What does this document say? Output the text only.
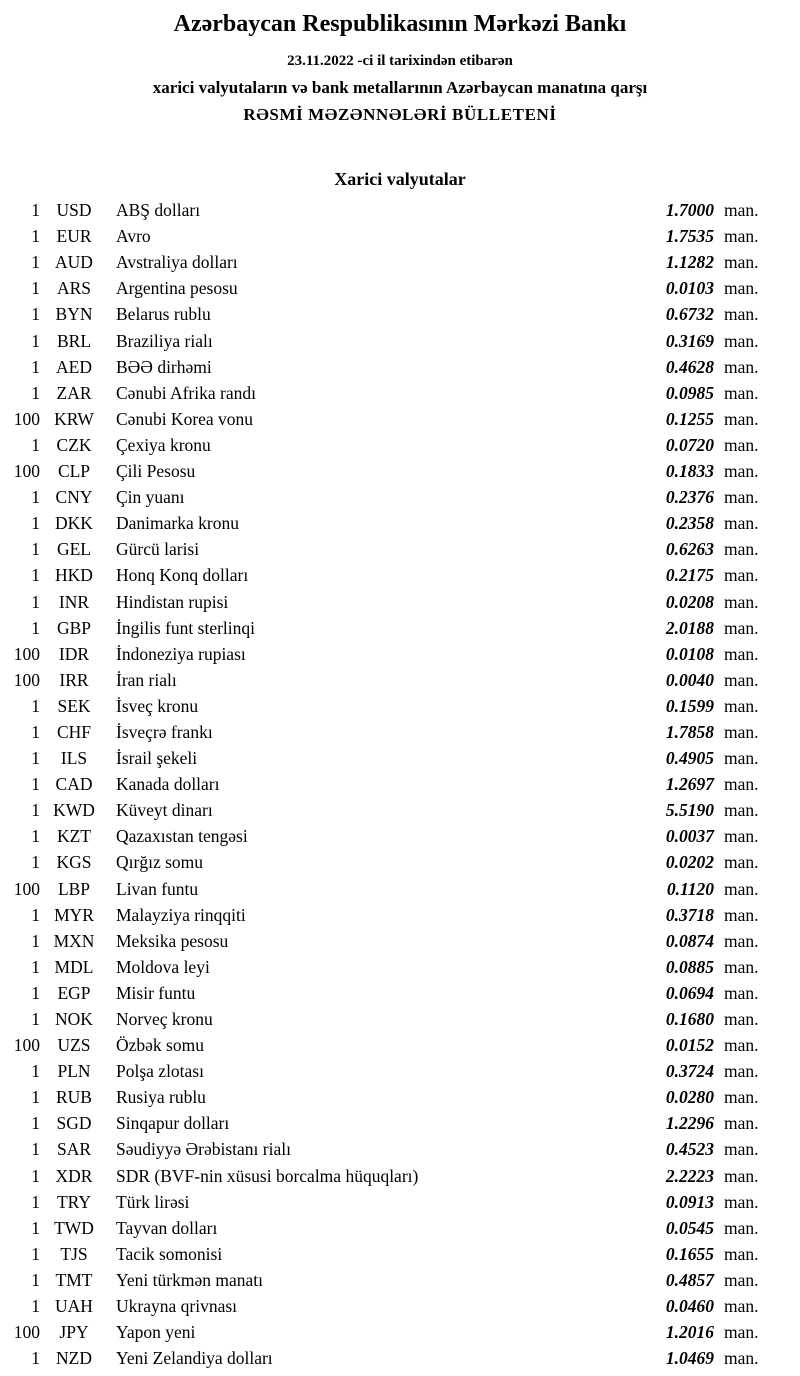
Azərbaycan Respublikasının Mərkəzi Bankı

23.11.2022 -ci il tarixindən etibarən

xarici valyutaların və bank metallarının Azərbaycan manatına qarşı

RƏSMİ MƏZƏNNƏLƏRİ BÜLLETENİ

Xarici valyutalar
1 USD	ABŞ dolları	1.7000 man.
1 EUR	Avro	1.7535 man.
1 AUD	Avstraliya dolları	1.1282 man.
1 ARS	Argentina pesosu	0.0103 man.
1 BYN	Belarus rublu	0.6732 man.
1 BRL	Braziliya rialı	0.3169 man.
1 AED	BƏƏ dirhəmi	0.4628 man.
1 ZAR	Cənubi Afrika randı	0.0985 man.
100 KRW	Cənubi Korea vonu	0.1255 man.
1 CZK	Çexiya kronu	0.0720 man.
100	CLP	Çili Pesosu	0.1833 man.
1 CNY	Çin yuanı	0.2376 man.
1 DKK	Danimarka kronu	0.2358 man.
1 GEL	Gürcü larisi	0.6263 man.
1 HKD	Honq Konq dolları	0.2175 man.
1	INR	Hindistan rupisi	0.0208 man.
1 GBP	İngilis funt sterlinqi	2.0188 man.
100	IDR	İndoneziya rupiası	0.0108 man.
100	IRR	İran rialı	0.0040 man.
1 SEK	İsveç kronu	0.1599 man.
1 CHF	İsveçrə frankı	1.7858 man.
1	ILS	İsrail şekeli	0.4905 man.
1 CAD	Kanada dolları	1.2697 man.
1 KWD	Küveyt dinarı	5.5190 man.
1 KZT	Qazaxıstan tengəsi	0.0037 man.
1 KGS	Qırğız somu	0.0202 man.
100	LBP	Livan funtu	0.1120 man.
1 MYR	Malayziya rinqqiti	0.3718 man.
1 MXN	Meksika pesosu	0.0874 man.
1 MDL	Moldova leyi	0.0885 man.
1 EGP	Misir funtu	0.0694 man.
1 NOK	Norveç kronu	0.1680 man.
100 UZS	Özbək somu	0.0152 man.
1 PLN	Polşa zlotası	0.3724 man.
1 RUB	Rusiya rublu	0.0280 man.
1 SGD	Sinqapur dolları	1.2296 man.
1 SAR	Səudiyyə Ərəbistanı rialı	0.4523 man.
1 XDR	SDR (BVF-nin xüsusi borcalma hüquqları)	2.2223 man.
1 TRY	Türk lirəsi	0.0913 man.
1 TWD	Tayvan dolları	0.0545 man.
1	TJS	Tacik somonisi	0.1655 man.
1 TMT	Yeni türkmən manatı	0.4857 man.
1 UAH	Ukrayna qrivnası	0.0460 man.
100	JPY	Yapon yeni	1.2016 man.
1 NZD	Yeni Zelandiya dolları	1.0469 man.
